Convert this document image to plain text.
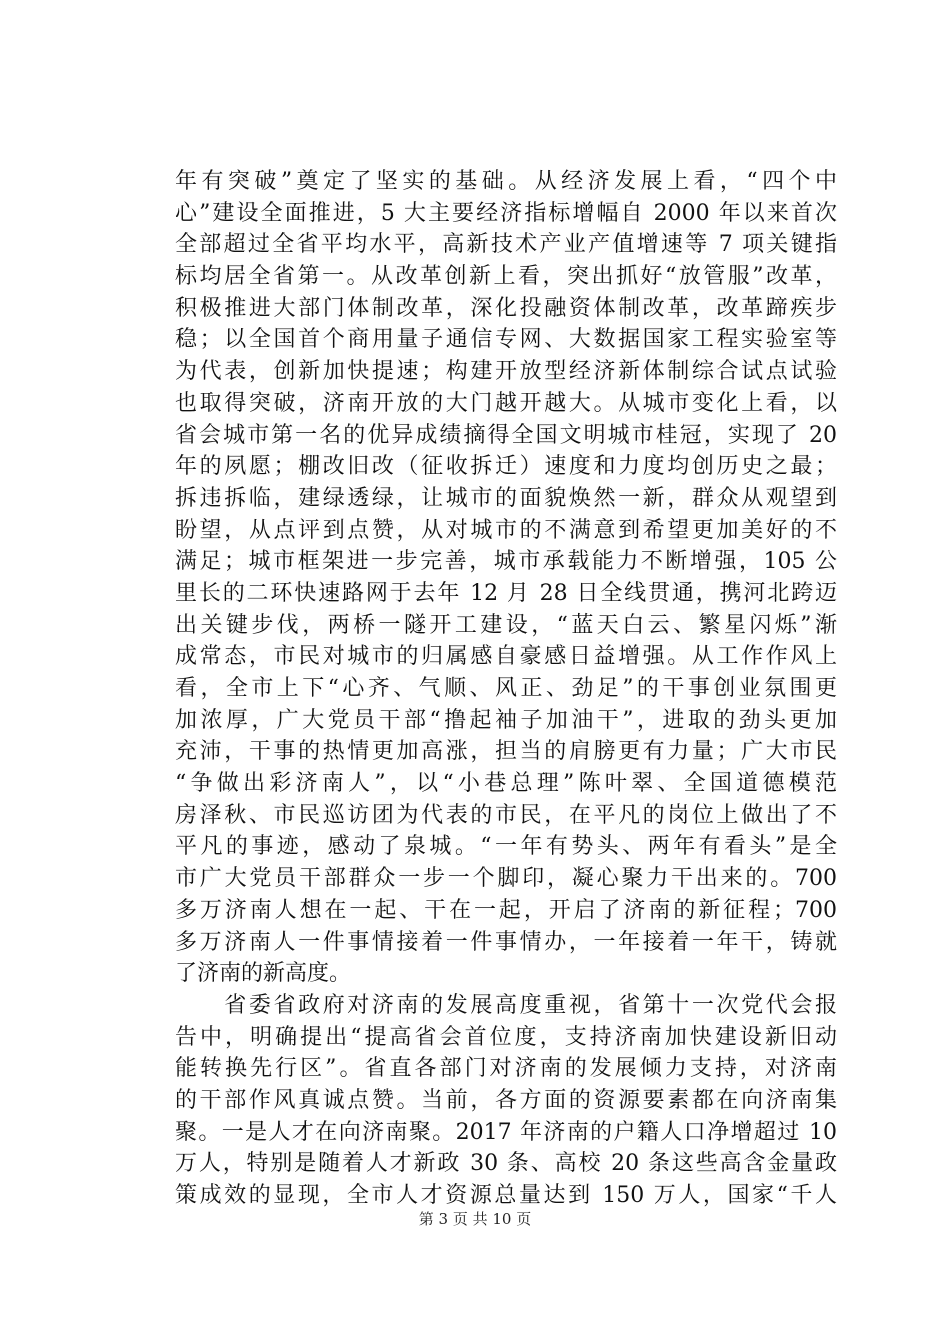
年有突破”奠定了坚实的基础。从经济发展上看，“四个中
心”建设全面推进，5 大主要经济指标增幅自 2000 年以来首次
全部超过全省平均水平，高新技术产业产值增速等 7 项关键指
标均居全省第一。从改革创新上看，突出抓好“放管服”改革，
积极推进大部门体制改革，深化投融资体制改革，改革蹄疾步
稳；以全国首个商用量子通信专网、大数据国家工程实验室等
为代表，创新加快提速；构建开放型经济新体制综合试点试验
也取得突破，济南开放的大门越开越大。从城市变化上看，以
省会城市第一名的优异成绩摘得全国文明城市桂冠，实现了 20
年的夙愿；棚改旧改（征收拆迁）速度和力度均创历史之最；
拆违拆临，建绿透绿，让城市的面貌焕然一新，群众从观望到
盼望，从点评到点赞，从对城市的不满意到希望更加美好的不
满足；城市框架进一步完善，城市承载能力不断增强，105 公
里长的二环快速路网于去年 12 月 28 日全线贯通，携河北跨迈
出关键步伐，两桥一隧开工建设，“蓝天白云、繁星闪烁”渐
成常态，市民对城市的归属感自豪感日益增强。从工作作风上
看，全市上下“心齐、气顺、风正、劲足”的干事创业氛围更
加浓厚，广大党员干部“撸起袖子加油干”，进取的劲头更加
充沛，干事的热情更加高涨，担当的肩膀更有力量；广大市民
“争做出彩济南人”，以“小巷总理”陈叶翠、全国道德模范
房泽秋、市民巡访团为代表的市民，在平凡的岗位上做出了不
平凡的事迹，感动了泉城。“一年有势头、两年有看头”是全
市广大党员干部群众一步一个脚印，凝心聚力干出来的。700
多万济南人想在一起、干在一起，开启了济南的新征程；700
多万济南人一件事情接着一件事情办，一年接着一年干，铸就
了济南的新高度。
　　省委省政府对济南的发展高度重视，省第十一次党代会报
告中，明确提出“提高省会首位度，支持济南加快建设新旧动
能转换先行区”。省直各部门对济南的发展倾力支持，对济南
的干部作风真诚点赞。当前，各方面的资源要素都在向济南集
聚。一是人才在向济南聚。2017 年济南的户籍人口净增超过 10
万人，特别是随着人才新政 30 条、高校 20 条这些高含金量政
策成效的显现，全市人才资源总量达到 150 万人，国家“千人
第 3 页 共 10 页
